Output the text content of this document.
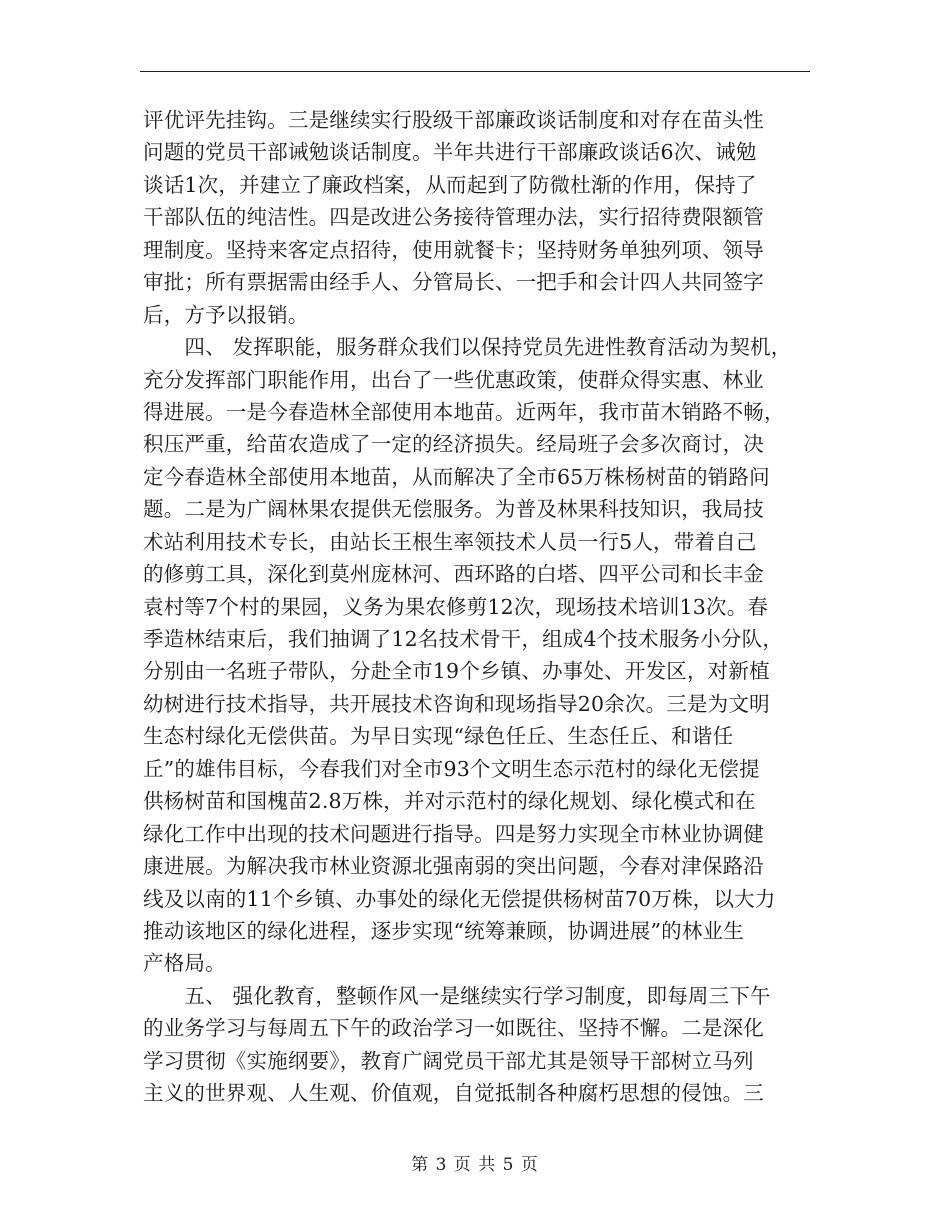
评优评先挂钩。三是继续实行股级干部廉政谈话制度和对存在苗头性
问题的党员干部诫勉谈话制度。半年共进行干部廉政谈话6次、诫勉
谈话1次，并建立了廉政档案，从而起到了防微杜渐的作用，保持了
干部队伍的纯洁性。四是改进公务接待管理办法，实行招待费限额管
理制度。坚持来客定点招待，使用就餐卡；坚持财务单独列项、领导
审批；所有票据需由经手人、分管局长、一把手和会计四人共同签字
后，方予以报销。
　　四、 发挥职能，服务群众我们以保持党员先进性教育活动为契机，
充分发挥部门职能作用，出台了一些优惠政策，使群众得实惠、林业
得进展。一是今春造林全部使用本地苗。近两年，我市苗木销路不畅，
积压严重，给苗农造成了一定的经济损失。经局班子会多次商讨，决
定今春造林全部使用本地苗，从而解决了全市65万株杨树苗的销路问
题。二是为广阔林果农提供无偿服务。为普及林果科技知识，我局技
术站利用技术专长，由站长王根生率领技术人员一行5人，带着自己
的修剪工具，深化到莫州庞林河、西环路的白塔、四平公司和长丰金
袁村等7个村的果园，义务为果农修剪12次，现场技术培训13次。春
季造林结束后，我们抽调了12名技术骨干，组成4个技术服务小分队，
分别由一名班子带队，分赴全市19个乡镇、办事处、开发区，对新植
幼树进行技术指导，共开展技术咨询和现场指导20余次。三是为文明
生态村绿化无偿供苗。为早日实现“绿色任丘、生态任丘、和谐任
丘”的雄伟目标，今春我们对全市93个文明生态示范村的绿化无偿提
供杨树苗和国槐苗2.8万株，并对示范村的绿化规划、绿化模式和在
绿化工作中出现的技术问题进行指导。四是努力实现全市林业协调健
康进展。为解决我市林业资源北强南弱的突出问题，今春对津保路沿
线及以南的11个乡镇、办事处的绿化无偿提供杨树苗70万株，以大力
推动该地区的绿化进程，逐步实现“统筹兼顾，协调进展”的林业生
产格局。
　　五、 强化教育，整顿作风一是继续实行学习制度，即每周三下午
的业务学习与每周五下午的政治学习一如既往、坚持不懈。二是深化
学习贯彻《实施纲要》，教育广阔党员干部尤其是领导干部树立马列
主义的世界观、人生观、价值观，自觉抵制各种腐朽思想的侵蚀。三
第 3 页 共 5 页
